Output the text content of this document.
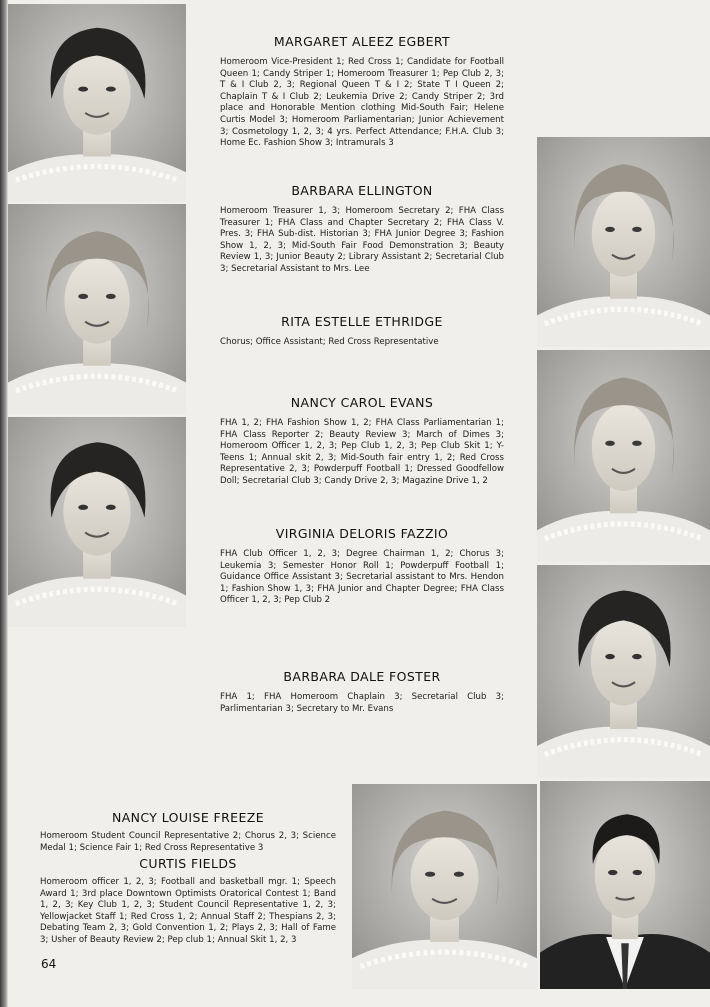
MARGARET ALEEZ EGBERT
Homeroom Vice-President 1; Red Cross 1; Candidate for Football Queen 1; Candy Striper 1; Homeroom Treasurer 1; Pep Club 2, 3; T & I Club 2, 3; Regional Queen T & I 2; State T I Queen 2; Chaplain T & I Club 2; Leukemia Drive 2; Candy Striper 2; 3rd place and Honorable Mention clothing Mid-South Fair; Helene Curtis Model 3; Homeroom Parliamentarian; Junior Achievement 3; Cosmetology 1, 2, 3; 4 yrs. Perfect Attendance; F.H.A. Club 3; Home Ec. Fashion Show 3; Intramurals 3
BARBARA ELLINGTON
Homeroom Treasurer 1, 3; Homeroom Secretary 2; FHA Class Treasurer 1; FHA Class and Chapter Secretary 2; FHA Class V. Pres. 3; FHA Sub-dist. Historian 3; FHA Junior Degree 3; Fashion Show 1, 2, 3; Mid-South Fair Food Demonstration 3; Beauty Review 1, 3; Junior Beauty 2; Library Assistant 2; Secretarial Club 3; Secretarial Assistant to Mrs. Lee
RITA ESTELLE ETHRIDGE
Chorus; Office Assistant; Red Cross Representative
NANCY CAROL EVANS
FHA 1, 2; FHA Fashion Show 1, 2; FHA Class Parliamentarian 1; FHA Class Reporter 2; Beauty Review 3; March of Dimes 3; Homeroom Officer 1, 2, 3; Pep Club 1, 2, 3; Pep Club Skit 1; Y-Teens 1; Annual skit 2, 3; Mid-South fair entry 1, 2; Red Cross Representative 2, 3; Powderpuff Football 1; Dressed Goodfellow Doll; Secretarial Club 3; Candy Drive 2, 3; Magazine Drive 1, 2
VIRGINIA DELORIS FAZZIO
FHA Club Officer 1, 2, 3; Degree Chairman 1, 2; Chorus 3; Leukemia 3; Semester Honor Roll 1; Powderpuff Football 1; Guidance Office Assistant 3; Secretarial assistant to Mrs. Hendon 1; Fashion Show 1, 3; FHA Junior and Chapter Degree; FHA Class Officer 1, 2, 3; Pep Club 2
BARBARA DALE FOSTER
FHA 1; FHA Homeroom Chaplain 3; Secretarial Club 3; Parlimentarian 3; Secretary to Mr. Evans
NANCY LOUISE FREEZE
Homeroom Student Council Representative 2; Chorus 2, 3; Science Medal 1; Science Fair 1; Red Cross Representative 3
CURTIS FIELDS
Homeroom officer 1, 2, 3; Football and basketball mgr. 1; Speech Award 1; 3rd place Downtown Optimists Oratorical Contest 1; Band 1, 2, 3; Key Club 1, 2, 3; Student Council Representative 1, 2, 3; Yellowjacket Staff 1; Red Cross 1, 2; Annual Staff 2; Thespians 2, 3; Debating Team 2, 3; Gold Convention 1, 2; Plays 2, 3; Hall of Fame 3; Usher of Beauty Review 2; Pep club 1; Annual Skit 1, 2, 3
64
